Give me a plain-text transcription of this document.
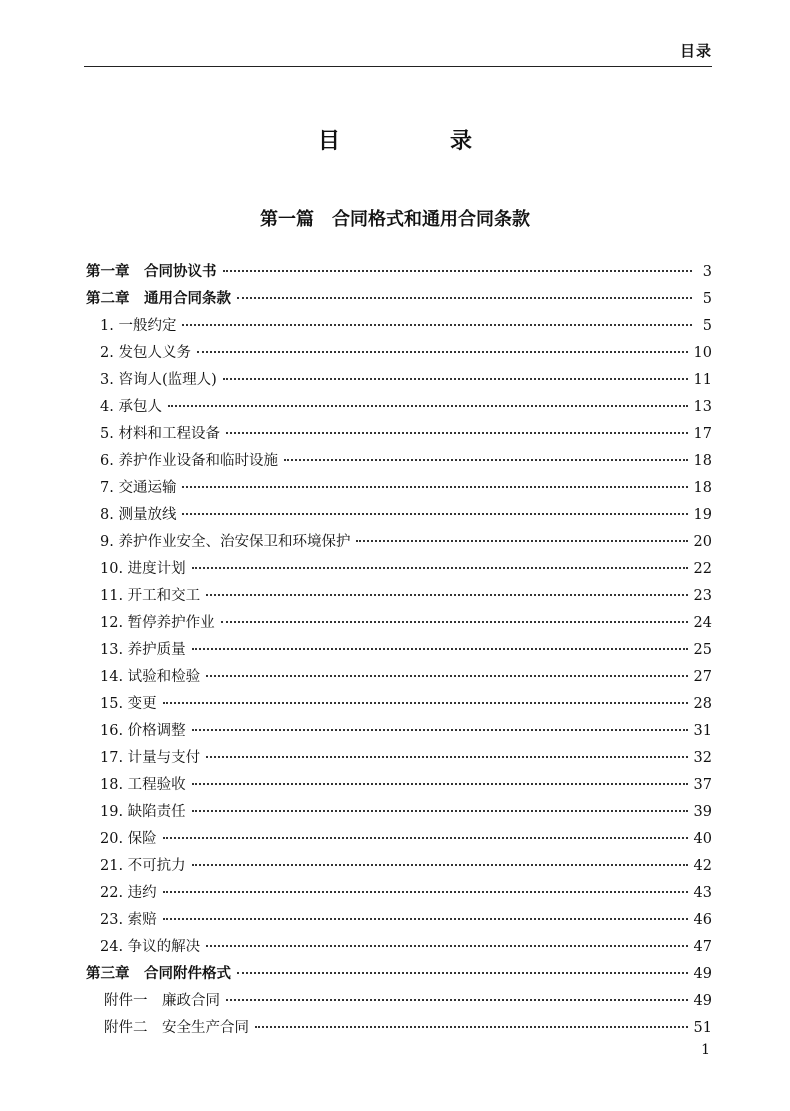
目录
目　录
第一篇　合同格式和通用合同条款
第一章　合同协议书	3
第二章　通用合同条款	5
1. 一般约定	5
2. 发包人义务	10
3. 咨询人(监理人)	11
4. 承包人	13
5. 材料和工程设备	17
6. 养护作业设备和临时设施	18
7. 交通运输	18
8. 测量放线	19
9. 养护作业安全、治安保卫和环境保护	20
10. 进度计划	22
11. 开工和交工	23
12. 暂停养护作业	24
13. 养护质量	25
14. 试验和检验	27
15. 变更	28
16. 价格调整	31
17. 计量与支付	32
18. 工程验收	37
19. 缺陷责任	39
20. 保险	40
21. 不可抗力	42
22. 违约	43
23. 索赔	46
24. 争议的解决	47
第三章　合同附件格式	49
附件一　廉政合同	49
附件二　安全生产合同	51
1
